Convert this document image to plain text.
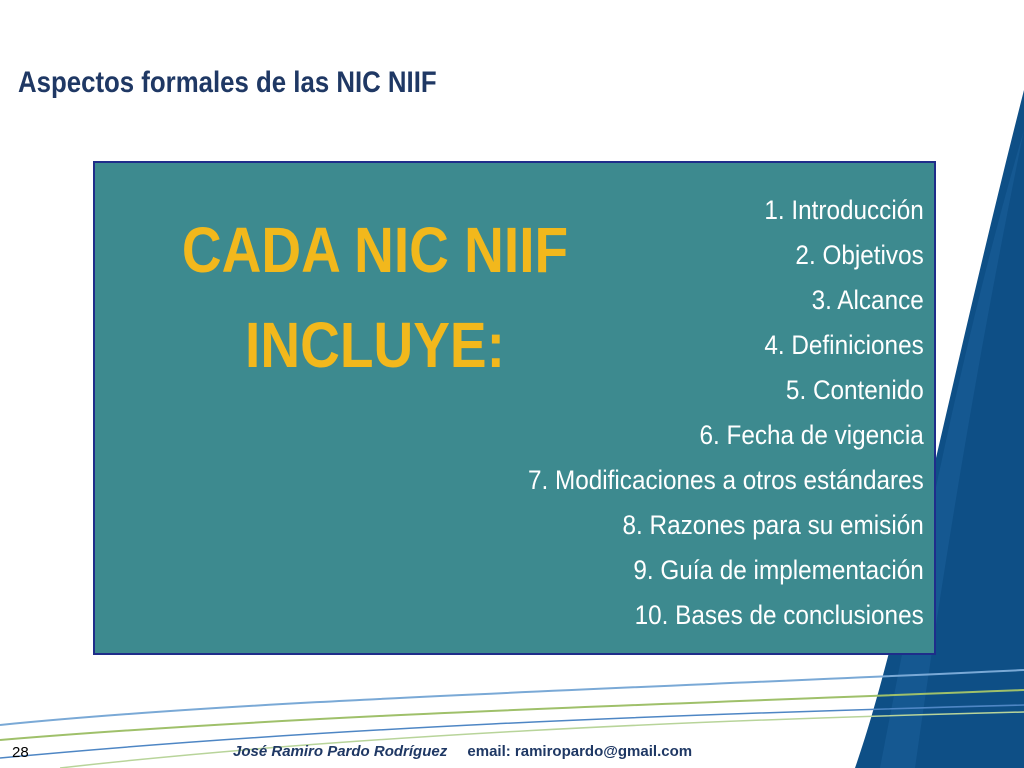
Aspectos formales de las NIC NIIF
CADA NIC NIIF
INCLUYE:
1. Introducción
2. Objetivos
3. Alcance
4. Definiciones
5. Contenido
6. Fecha de vigencia
7. Modificaciones a otros estándares
8. Razones para su emisión
9. Guía de implementación
10. Bases de conclusiones
28	José Ramiro Pardo Rodríguez email: ramiropardo@gmail.com
